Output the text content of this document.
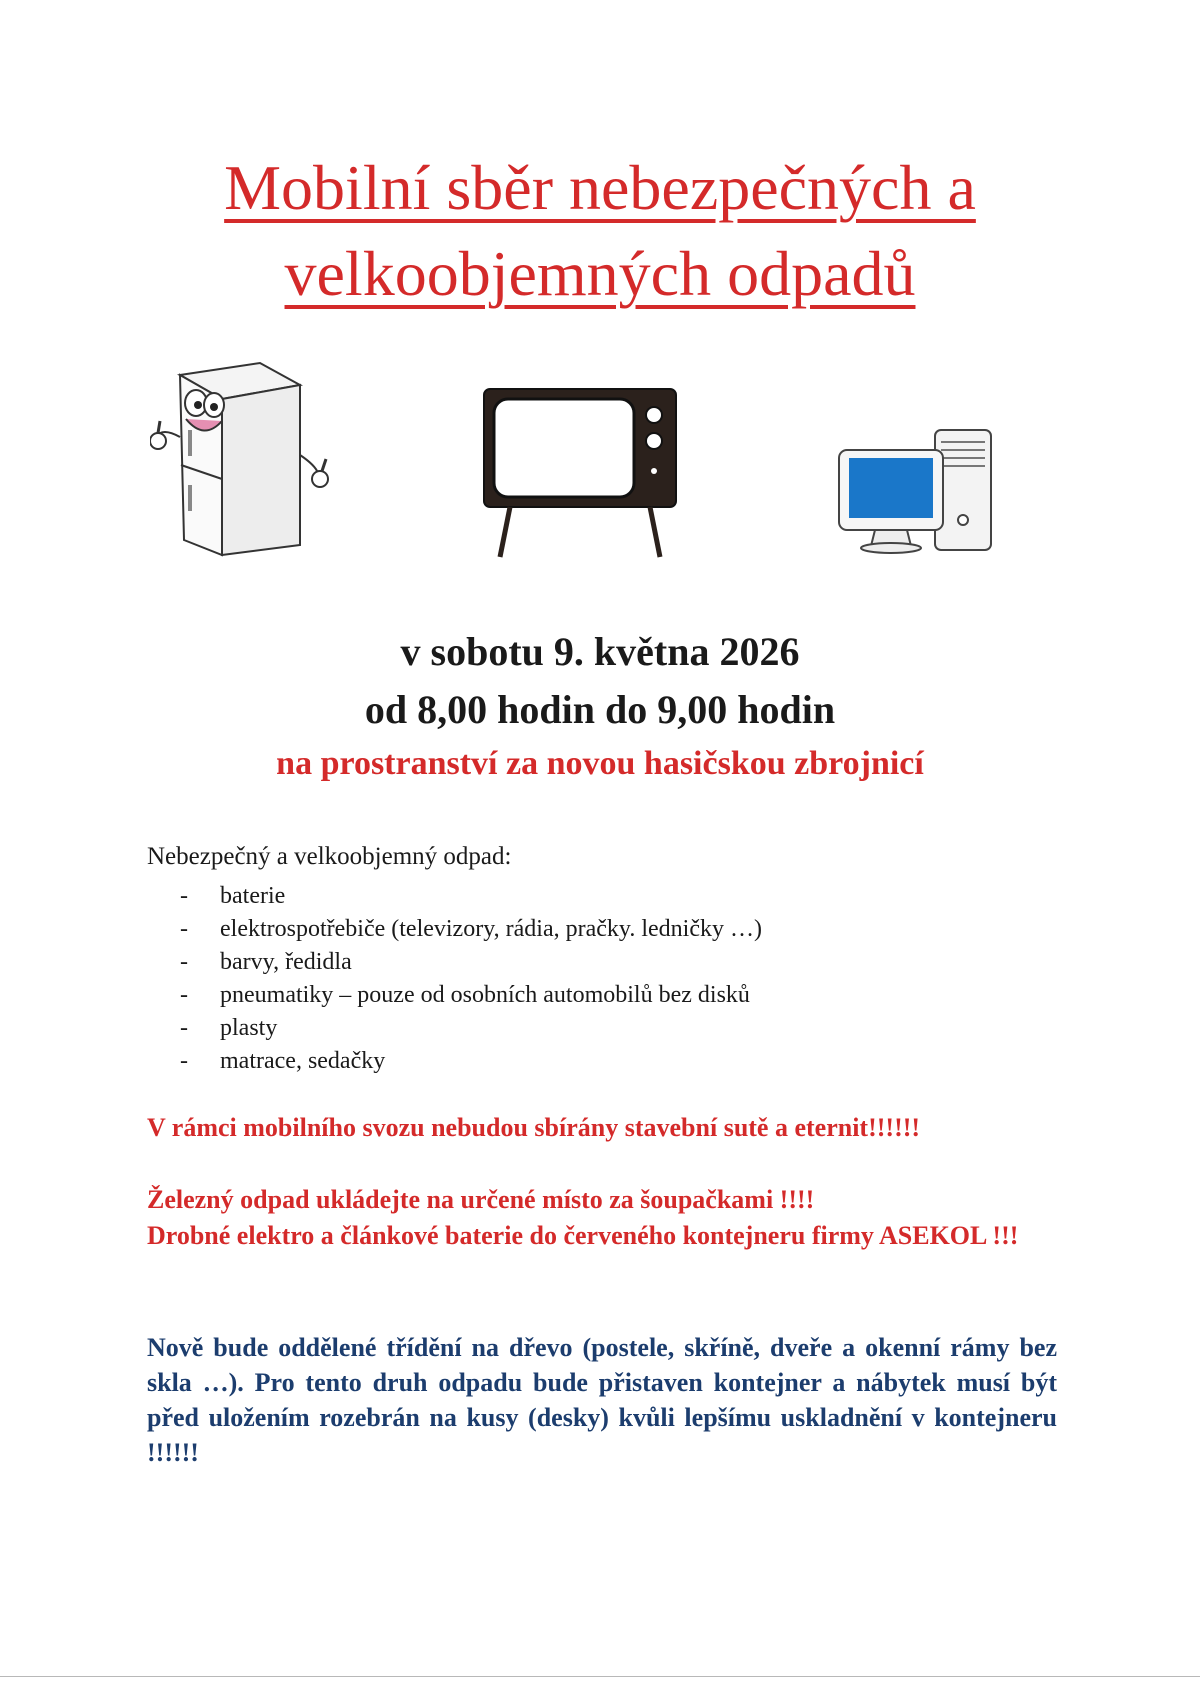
Mobilní sběr nebezpečných a
velkoobjemných odpadů
v sobotu 9. května 2026
od 8,00 hodin do 9,00 hodin
na prostranství za novou hasičskou zbrojnicí
Nebezpečný a velkoobjemný odpad:
- baterie
- elektrospotřebiče (televizory, rádia, pračky. ledničky …)
- barvy, ředidla
- pneumatiky – pouze od osobních automobilů bez disků
- plasty
- matrace, sedačky
V rámci mobilního svozu nebudou sbírány stavební sutě a eternit!!!!!!
Železný odpad ukládejte na určené místo za šoupačkami !!!!
Drobné elektro a článkové baterie do červeného kontejneru firmy ASEKOL !!!
Nově bude oddělené třídění na dřevo (postele, skříně, dveře a okenní rámy bez skla …). Pro tento druh odpadu bude přistaven kontejner a nábytek musí být před uložením rozebrán na kusy (desky) kvůli lepšímu uskladnění v kontejneru !!!!!!
